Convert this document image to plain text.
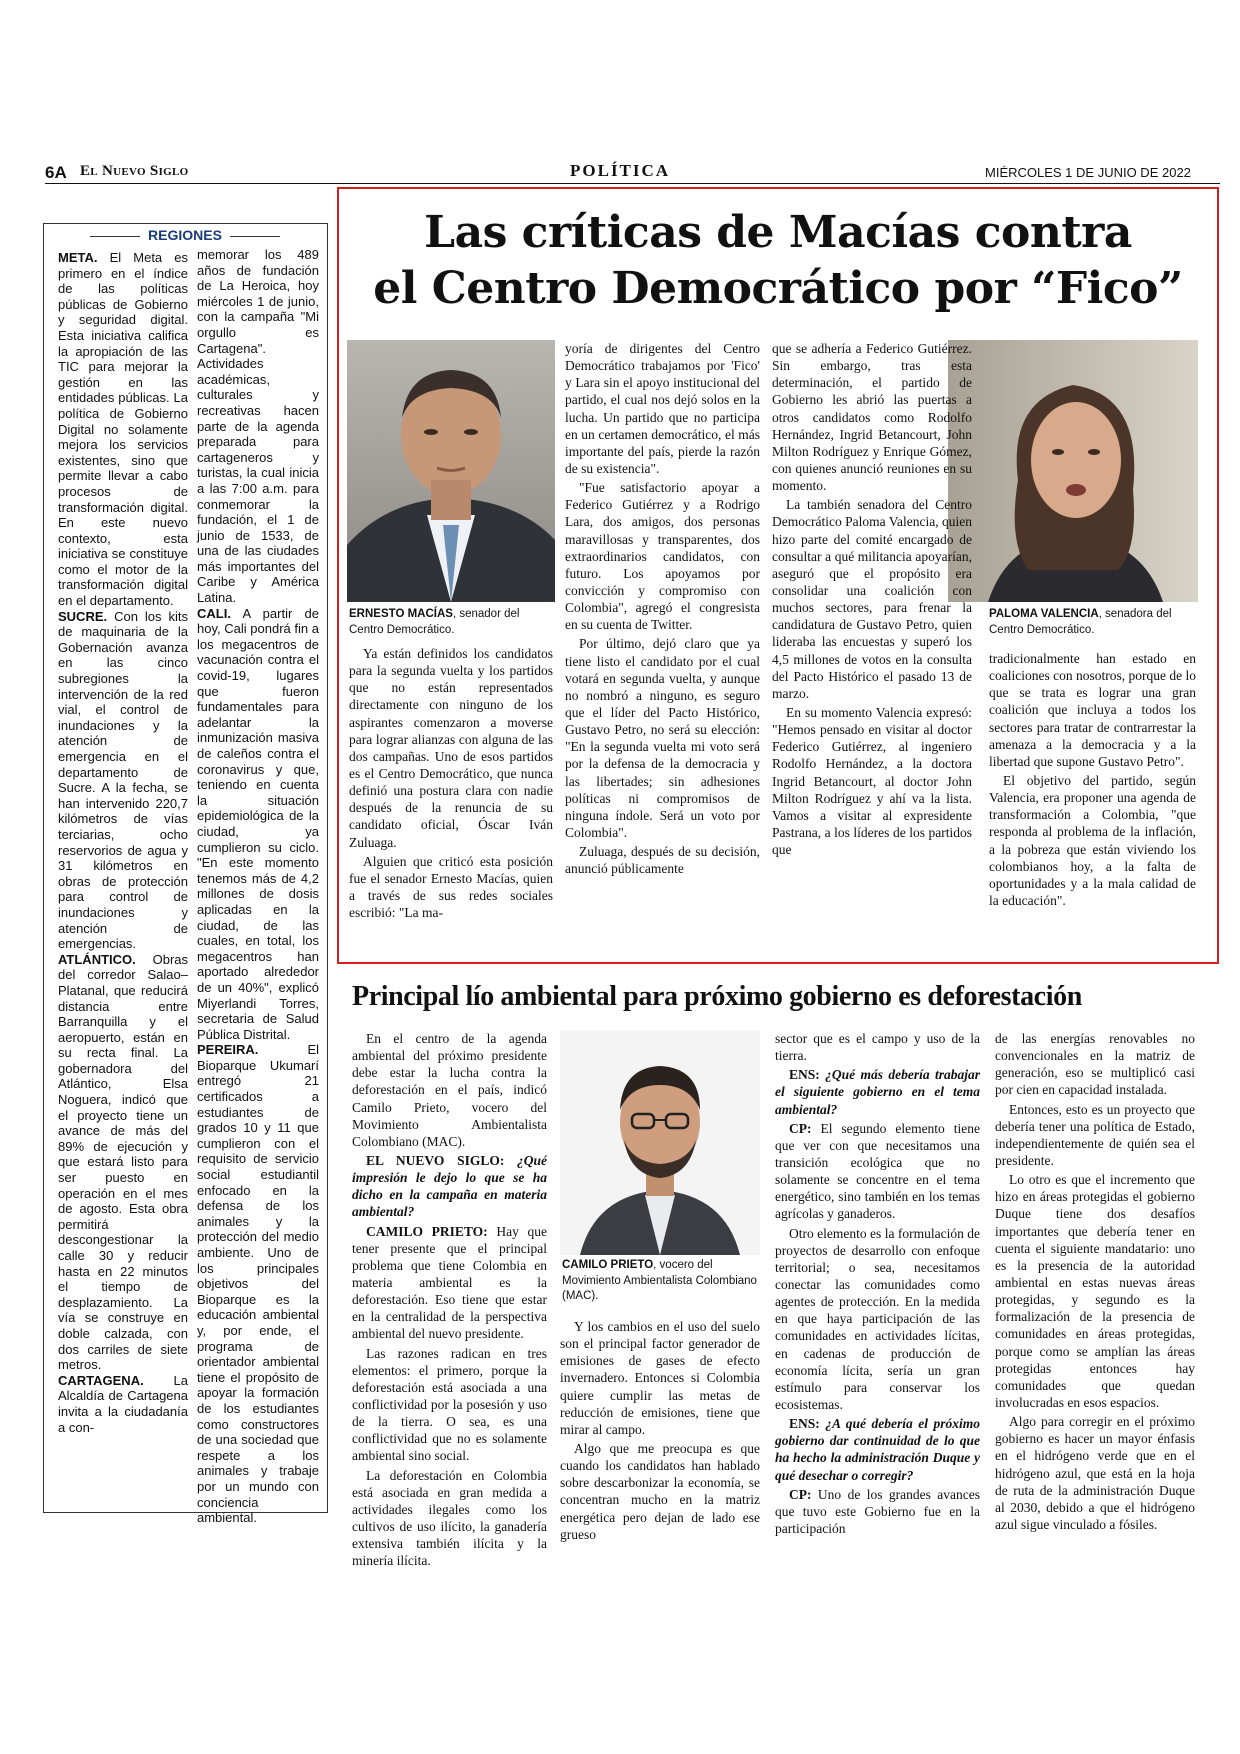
6A El Nuevo Siglo	POLÍTICA	MIÉRCOLES 1 DE JUNIO DE 2022
REGIONES

META. El Meta es primero en el índice de las políticas públicas de Gobierno y seguridad digital. Esta iniciativa califica la apropiación de las TIC para mejorar la gestión en las entidades públicas. La política de Gobierno Digital no solamente mejora los servicios existentes, sino que permite llevar a cabo procesos de transformación digital. En este nuevo contexto, esta iniciativa se constituye como el motor de la transformación digital en el departamento.

SUCRE. Con los kits de maquinaria de la Gobernación avanza en las cinco subregiones la intervención de la red vial, el control de inundaciones y la atención de emergencia en el departamento de Sucre. A la fecha, se han intervenido 220,7 kilómetros de vías terciarias, ocho reservorios de agua y 31 kilómetros en obras de protección para control de inundaciones y atención de emergencias.

ATLÁNTICO. Obras del corredor Salao–Platanal, que reducirá distancia entre Barranquilla y el aeropuerto, están en su recta final. La gobernadora del Atlántico, Elsa Noguera, indicó que el proyecto tiene un avance de más del 89% de ejecución y que estará listo para ser puesto en operación en el mes de agosto. Esta obra permitirá descongestionar la calle 30 y reducir hasta en 22 minutos el tiempo de desplazamiento. La vía se construye en doble calzada, con dos carriles de siete metros.

CARTAGENA. La Alcaldía de Cartagena invita a la ciudadanía a con-

memorar los 489 años de fundación de La Heroica, hoy miércoles 1 de junio, con la campaña "Mi orgullo es Cartagena". Actividades académicas, culturales y recreativas hacen parte de la agenda preparada para cartageneros y turistas, la cual inicia a las 7:00 a.m. para conmemorar la fundación, el 1 de junio de 1533, de una de las ciudades más importantes del Caribe y América Latina.

CALI. A partir de hoy, Cali pondrá fin a los megacentros de vacunación contra el covid-19, lugares que fueron fundamentales para adelantar la inmunización masiva de caleños contra el coronavirus y que, teniendo en cuenta la situación epidemiológica de la ciudad, ya cumplieron su ciclo. "En este momento tenemos más de 4,2 millones de dosis aplicadas en la ciudad, de las cuales, en total, los megacentros han aportado alrededor de un 40%", explicó Miyerlandi Torres, secretaria de Salud Pública Distrital.

PEREIRA. El Bioparque Ukumarí entregó 21 certificados a estudiantes de grados 10 y 11 que cumplieron con el requisito de servicio social estudiantil enfocado en la defensa de los animales y la protección del medio ambiente. Uno de los principales objetivos del Bioparque es la educación ambiental y, por ende, el programa de orientador ambiental tiene el propósito de apoyar la formación de los estudiantes como constructores de una sociedad que respete a los animales y trabaje por un mundo con conciencia ambiental.

Las críticas de Macías contra
el Centro Democrático por “Fico”
ERNESTO MACÍAS, senador del Centro Democrático.
PALOMA VALENCIA, senadora del Centro Democrático.

Ya están definidos los candidatos para la segunda vuelta y los partidos que no están representados directamente con ninguno de los aspirantes comenzaron a moverse para lograr alianzas con alguna de las dos campañas. Uno de esos partidos es el Centro Democrático, que nunca definió una postura clara con nadie después de la renuncia de su candidato oficial, Óscar Iván Zuluaga.

Alguien que criticó esta posición fue el senador Ernesto Macías, quien a través de sus redes sociales escribió: "La ma-

yoría de dirigentes del Centro Democrático trabajamos por 'Fico' y Lara sin el apoyo institucional del partido, el cual nos dejó solos en la lucha. Un partido que no participa en un certamen democrático, el más importante del país, pierde la razón de su existencia".

"Fue satisfactorio apoyar a Federico Gutiérrez y a Rodrigo Lara, dos amigos, dos personas maravillosas y transparentes, dos extraordinarios candidatos, con futuro. Los apoyamos por convicción y compromiso con Colombia", agregó el congresista en su cuenta de Twitter.

Por último, dejó claro que ya tiene listo el candidato por el cual votará en segunda vuelta, y aunque no nombró a ninguno, es seguro que el líder del Pacto Histórico, Gustavo Petro, no será su elección: "En la segunda vuelta mi voto será por la defensa de la democracia y las libertades; sin adhesiones políticas ni compromisos de ninguna índole. Será un voto por Colombia".

Zuluaga, después de su decisión, anunció públicamente

que se adhería a Federico Gutiérrez. Sin embargo, tras esta determinación, el partido de Gobierno les abrió las puertas a otros candidatos como Rodolfo Hernández, Ingrid Betancourt, John Milton Rodríguez y Enrique Gómez, con quienes anunció reuniones en su momento.

La también senadora del Centro Democrático Paloma Valencia, quien hizo parte del comité encargado de consultar a qué militancia apoyarían, aseguró que el propósito era consolidar una coalición con muchos sectores, para frenar la candidatura de Gustavo Petro, quien lideraba las encuestas y superó los 4,5 millones de votos en la consulta del Pacto Histórico el pasado 13 de marzo.

En su momento Valencia expresó: "Hemos pensado en visitar al doctor Federico Gutiérrez, al ingeniero Rodolfo Hernández, a la doctora Ingrid Betancourt, al doctor John Milton Rodríguez y ahí va la lista. Vamos a visitar al expresidente Pastrana, a los líderes de los partidos que

tradicionalmente han estado en coaliciones con nosotros, porque de lo que se trata es lograr una gran coalición que incluya a todos los sectores para tratar de contrarrestar la amenaza a la democracia y a la libertad que supone Gustavo Petro".

El objetivo del partido, según Valencia, era proponer una agenda de transformación a Colombia, "que responda al problema de la inflación, a la pobreza que están viviendo los colombianos hoy, a la falta de oportunidades y a la mala calidad de la educación".

Principal lío ambiental para próximo gobierno es deforestación
CAMILO PRIETO, vocero del Movimiento Ambientalista Colombiano (MAC).

En el centro de la agenda ambiental del próximo presidente debe estar la lucha contra la deforestación en el país, indicó Camilo Prieto, vocero del Movimiento Ambientalista Colombiano (MAC).

EL NUEVO SIGLO: ¿Qué impresión le dejo lo que se ha dicho en la campaña en materia ambiental?

CAMILO PRIETO: Hay que tener presente que el principal problema que tiene Colombia en materia ambiental es la deforestación. Eso tiene que estar en la centralidad de la perspectiva ambiental del nuevo presidente.

Las razones radican en tres elementos: el primero, porque la deforestación está asociada a una conflictividad por la posesión y uso de la tierra. O sea, es una conflictividad que no es solamente ambiental sino social.

La deforestación en Colombia está asociada en gran medida a actividades ilegales como los cultivos de uso ilícito, la ganadería extensiva también ilícita y la minería ilícita.

Y los cambios en el uso del suelo son el principal factor generador de emisiones de gases de efecto invernadero. Entonces si Colombia quiere cumplir las metas de reducción de emisiones, tiene que mirar al campo.

Algo que me preocupa es que cuando los candidatos han hablado sobre descarbonizar la economía, se concentran mucho en la matriz energética pero dejan de lado ese grueso

sector que es el campo y uso de la tierra.

ENS: ¿Qué más debería trabajar el siguiente gobierno en el tema ambiental?

CP: El segundo elemento tiene que ver con que necesitamos una transición ecológica que no solamente se concentre en el tema energético, sino también en los temas agrícolas y ganaderos.

Otro elemento es la formulación de proyectos de desarrollo con enfoque territorial; o sea, necesitamos conectar las comunidades como agentes de protección. En la medida en que haya participación de las comunidades en actividades lícitas, en cadenas de producción de economía lícita, sería un gran estímulo para conservar los ecosistemas.

ENS: ¿A qué debería el próximo gobierno dar continuidad de lo que ha hecho la administración Duque y qué desechar o corregir?

CP: Uno de los grandes avances que tuvo este Gobierno fue en la participación

de las energías renovables no convencionales en la matriz de generación, eso se multiplicó casi por cien en capacidad instalada.

Entonces, esto es un proyecto que debería tener una política de Estado, independientemente de quién sea el presidente.

Lo otro es que el incremento que hizo en áreas protegidas el gobierno Duque tiene dos desafíos importantes que debería tener en cuenta el siguiente mandatario: uno es la presencia de la autoridad ambiental en estas nuevas áreas protegidas, y segundo es la formalización de la presencia de comunidades en áreas protegidas, porque como se amplían las áreas protegidas entonces hay comunidades que quedan involucradas en esos espacios.

Algo para corregir en el próximo gobierno es hacer un mayor énfasis en el hidrógeno verde que en el hidrógeno azul, que está en la hoja de ruta de la administración Duque al 2030, debido a que el hidrógeno azul sigue vinculado a fósiles.
